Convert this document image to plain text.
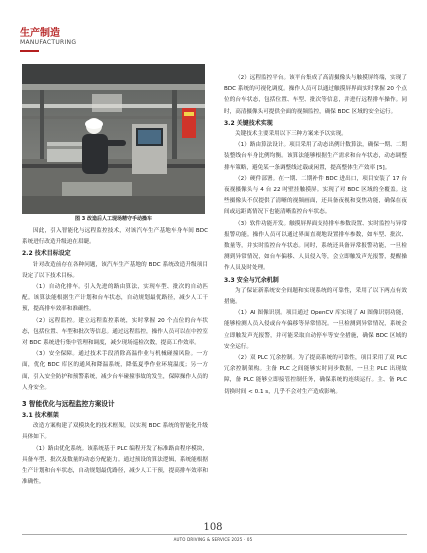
生产制造
MANUFACTURING
图 3 改造后人工现场精守手动操车

因此，引入智能化与远程监控技术，对该汽车生产基地车身车间 BDC 系统进行改造升级迫在眉睫。

2.2 技术目标设定

针对改造前存在各种问题，该汽车生产基地的 BDC 系统改造升级项目设定了以下技术目标。

（1）自动化排车。引入先进的路由算法，实现车型、批次的自动匹配。该算法能根据生产计划和台车状态，自动规划最优路径，减少人工干预，提高排车效率和准确性。

（2）远程监控。建立远程监控系统，实时掌握 20 个点位的台车状态，包括位置、车型和批次等信息。通过远程监控，操作人员可以在中控室对 BDC 系统进行集中管理和调度，减少现场巡检次数，提高工作效率。

（3）安全保障。通过技术手段消除高温作业与机械碰撞风险。一方面，优化 BDC 库区的通风和降温系统，降低夏季作业环境温度；另一方面，引入安全防护和预警系统，减少台车碰撞事故的发生，保障操作人员的人身安全。

3 智能优化与远程监控方案设计
3.1 技术框架

改造方案构建了双模块化的技术框架，以实现 BDC 系统的智能化升级具体如下。

（1）路由优化系统。该系统基于 PLC 编程开发了标准路由程序模块，具备车型、批次及数量的动态分配能力。通过预设的算法逻辑，系统能根据生产计划和台车状态，自动规划最优路径，减少人工干预，提高排车效率和准确性。

（2）远程监控平台。该平台集成了高清摄像头与触摸屏终端，实现了 BDC 系统的可视化调度。操作人员可以通过触摸屏界面实时掌握 20 个点位的台车状态，包括位置、车型、批次等信息，并进行远程排车操作。同时，高清摄像头可提供全面的视频监控，确保 BDC 区域的安全运行。

3.2 关键技术实现

关键技术主要采用以下三种方案来予以实现。

（1）路由算法设计。项目采用了动态出例计数算法，确保一期、二期装整线台车身比例均衡。该算法能够根据生产需求和台车状态，动态调整排车策略，避免某一条调整线过载或闲置，提高整体生产效率 [5]。

（2）硬件部署。在一期、二期补件 BDC 进出口，项目安装了 17 台夜视摄像头与 4 台 22 吋壁挂触摸屏。实现了对 BDC 区域的全覆盖。这些摄像头不仅提供了清晰的视频画面，还具备夜视和变焦功能，确保在夜间或远距离情况下也能清晰监控台车状态。

（3）软件功能开发。触摸屏界面支持排车参数设置、实时监控与异常报警功能。操作人员可以通过界面直观地设置排车参数，如车型、批次、数量等，并实时监控台车状态。同时，系统还具备异常报警功能，一旦检测到异常情况，如台车偏移、人员侵入等，会立即触发声光报警，提醒操作人员及时处理。

3.3 安全与冗余机制

为了保证新系统安全间题和实现系统的可靠性，采用了以下两点有效措施。

（1）AI 图像识别。项目通过 OpenCV 库实现了 AI 图像识别功能，能够检测人员入侵或台车偏移等异常情况。一旦检测到异常情况，系统会立即触发声光报警，并可能采取自动停车等安全措施，确保 BDC 区域的安全运行。

（2）双 PLC 冗余控制。为了提高系统的可靠性，项目采用了双 PLC 冗余控制架构。主备 PLC 之间能够实时同步数据，一旦主 PLC 出现故障，备 PLC 能够立即接管控制任务，确保系统的连续运行。主、备 PLC 切换时间 < 0.1 s，几乎不会对生产造成影响。

108
AUTO DRIVING & SERVICE 2025 · 05
